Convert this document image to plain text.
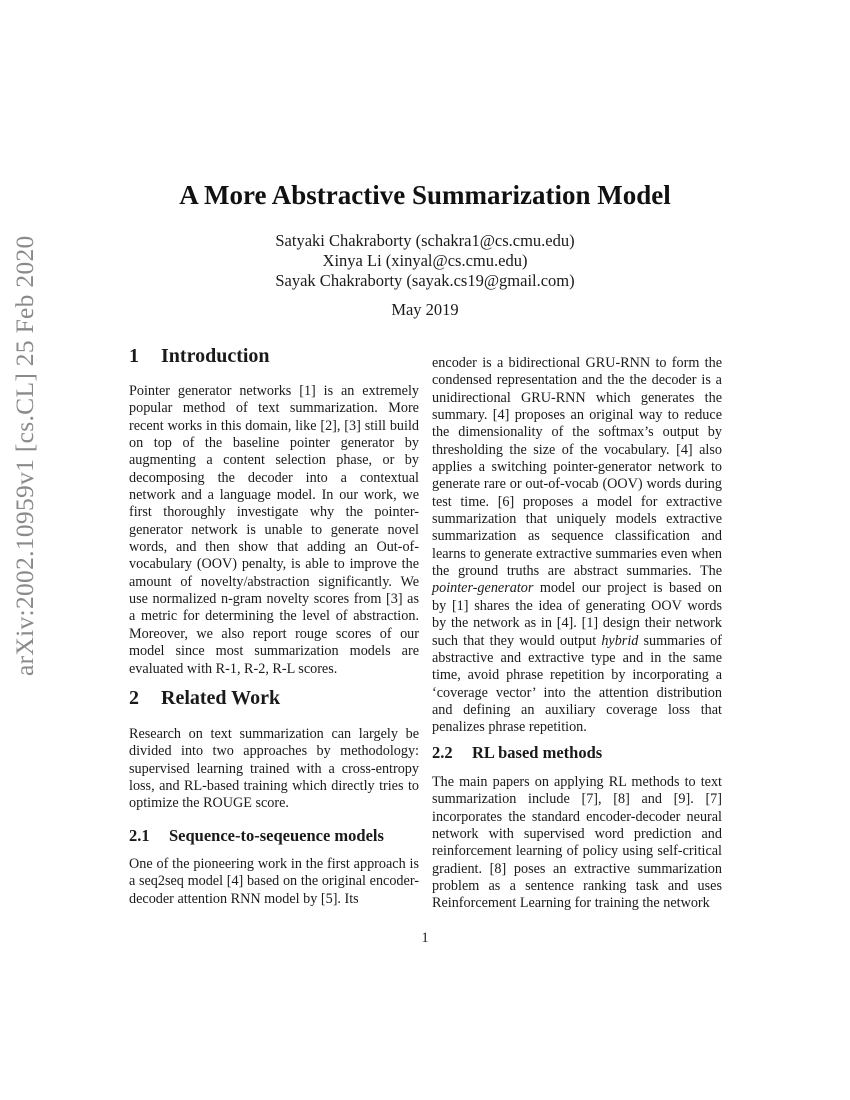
arXiv:2002.10959v1 [cs.CL] 25 Feb 2020
A More Abstractive Summarization Model
Satyaki Chakraborty (schakra1@cs.cmu.edu)
Xinya Li (xinyal@cs.cmu.edu)
Sayak Chakraborty (sayak.cs19@gmail.com)
May 2019
1 Introduction

Pointer generator networks [1] is an extremely popular method of text summarization. More recent works in this domain, like [2], [3] still build on top of the baseline pointer generator by augmenting a content selection phase, or by decomposing the decoder into a contextual network and a language model. In our work, we first thoroughly investigate why the pointer-generator network is unable to generate novel words, and then show that adding an Out-of-vocabulary (OOV) penalty, is able to improve the amount of novelty/abstraction significantly. We use normalized n-gram novelty scores from [3] as a metric for determining the level of abstraction. Moreover, we also report rouge scores of our model since most summarization models are evaluated with R-1, R-2, R-L scores.

2 Related Work

Research on text summarization can largely be divided into two approaches by methodology: supervised learning trained with a cross-entropy loss, and RL-based training which directly tries to optimize the ROUGE score.

2.1 Sequence-to-seqeuence models

One of the pioneering work in the first approach is a seq2seq model [4] based on the original encoder-decoder attention RNN model by [5]. Its

encoder is a bidirectional GRU-RNN to form the condensed representation and the the decoder is a unidirectional GRU-RNN which generates the summary. [4] proposes an original way to reduce the dimensionality of the softmax’s output by thresholding the size of the vocabulary. [4] also applies a switching pointer-generator network to generate rare or out-of-vocab (OOV) words during test time. [6] proposes a model for extractive summarization that uniquely models extractive summarization as sequence classification and learns to generate extractive summaries even when the ground truths are abstract summaries. The pointer-generator model our project is based on by [1] shares the idea of generating OOV words by the network as in [4]. [1] design their network such that they would output hybrid summaries of abstractive and extractive type and in the same time, avoid phrase repetition by incorporating a ‘coverage vector’ into the attention distribution and defining an auxiliary coverage loss that penalizes phrase repetition.

2.2 RL based methods

The main papers on applying RL methods to text summarization include [7], [8] and [9]. [7] incorporates the standard encoder-decoder neural network with supervised word prediction and reinforcement learning of policy using self-critical gradient. [8] poses an extractive summarization problem as a sentence ranking task and uses Reinforcement Learning for training the network

1
